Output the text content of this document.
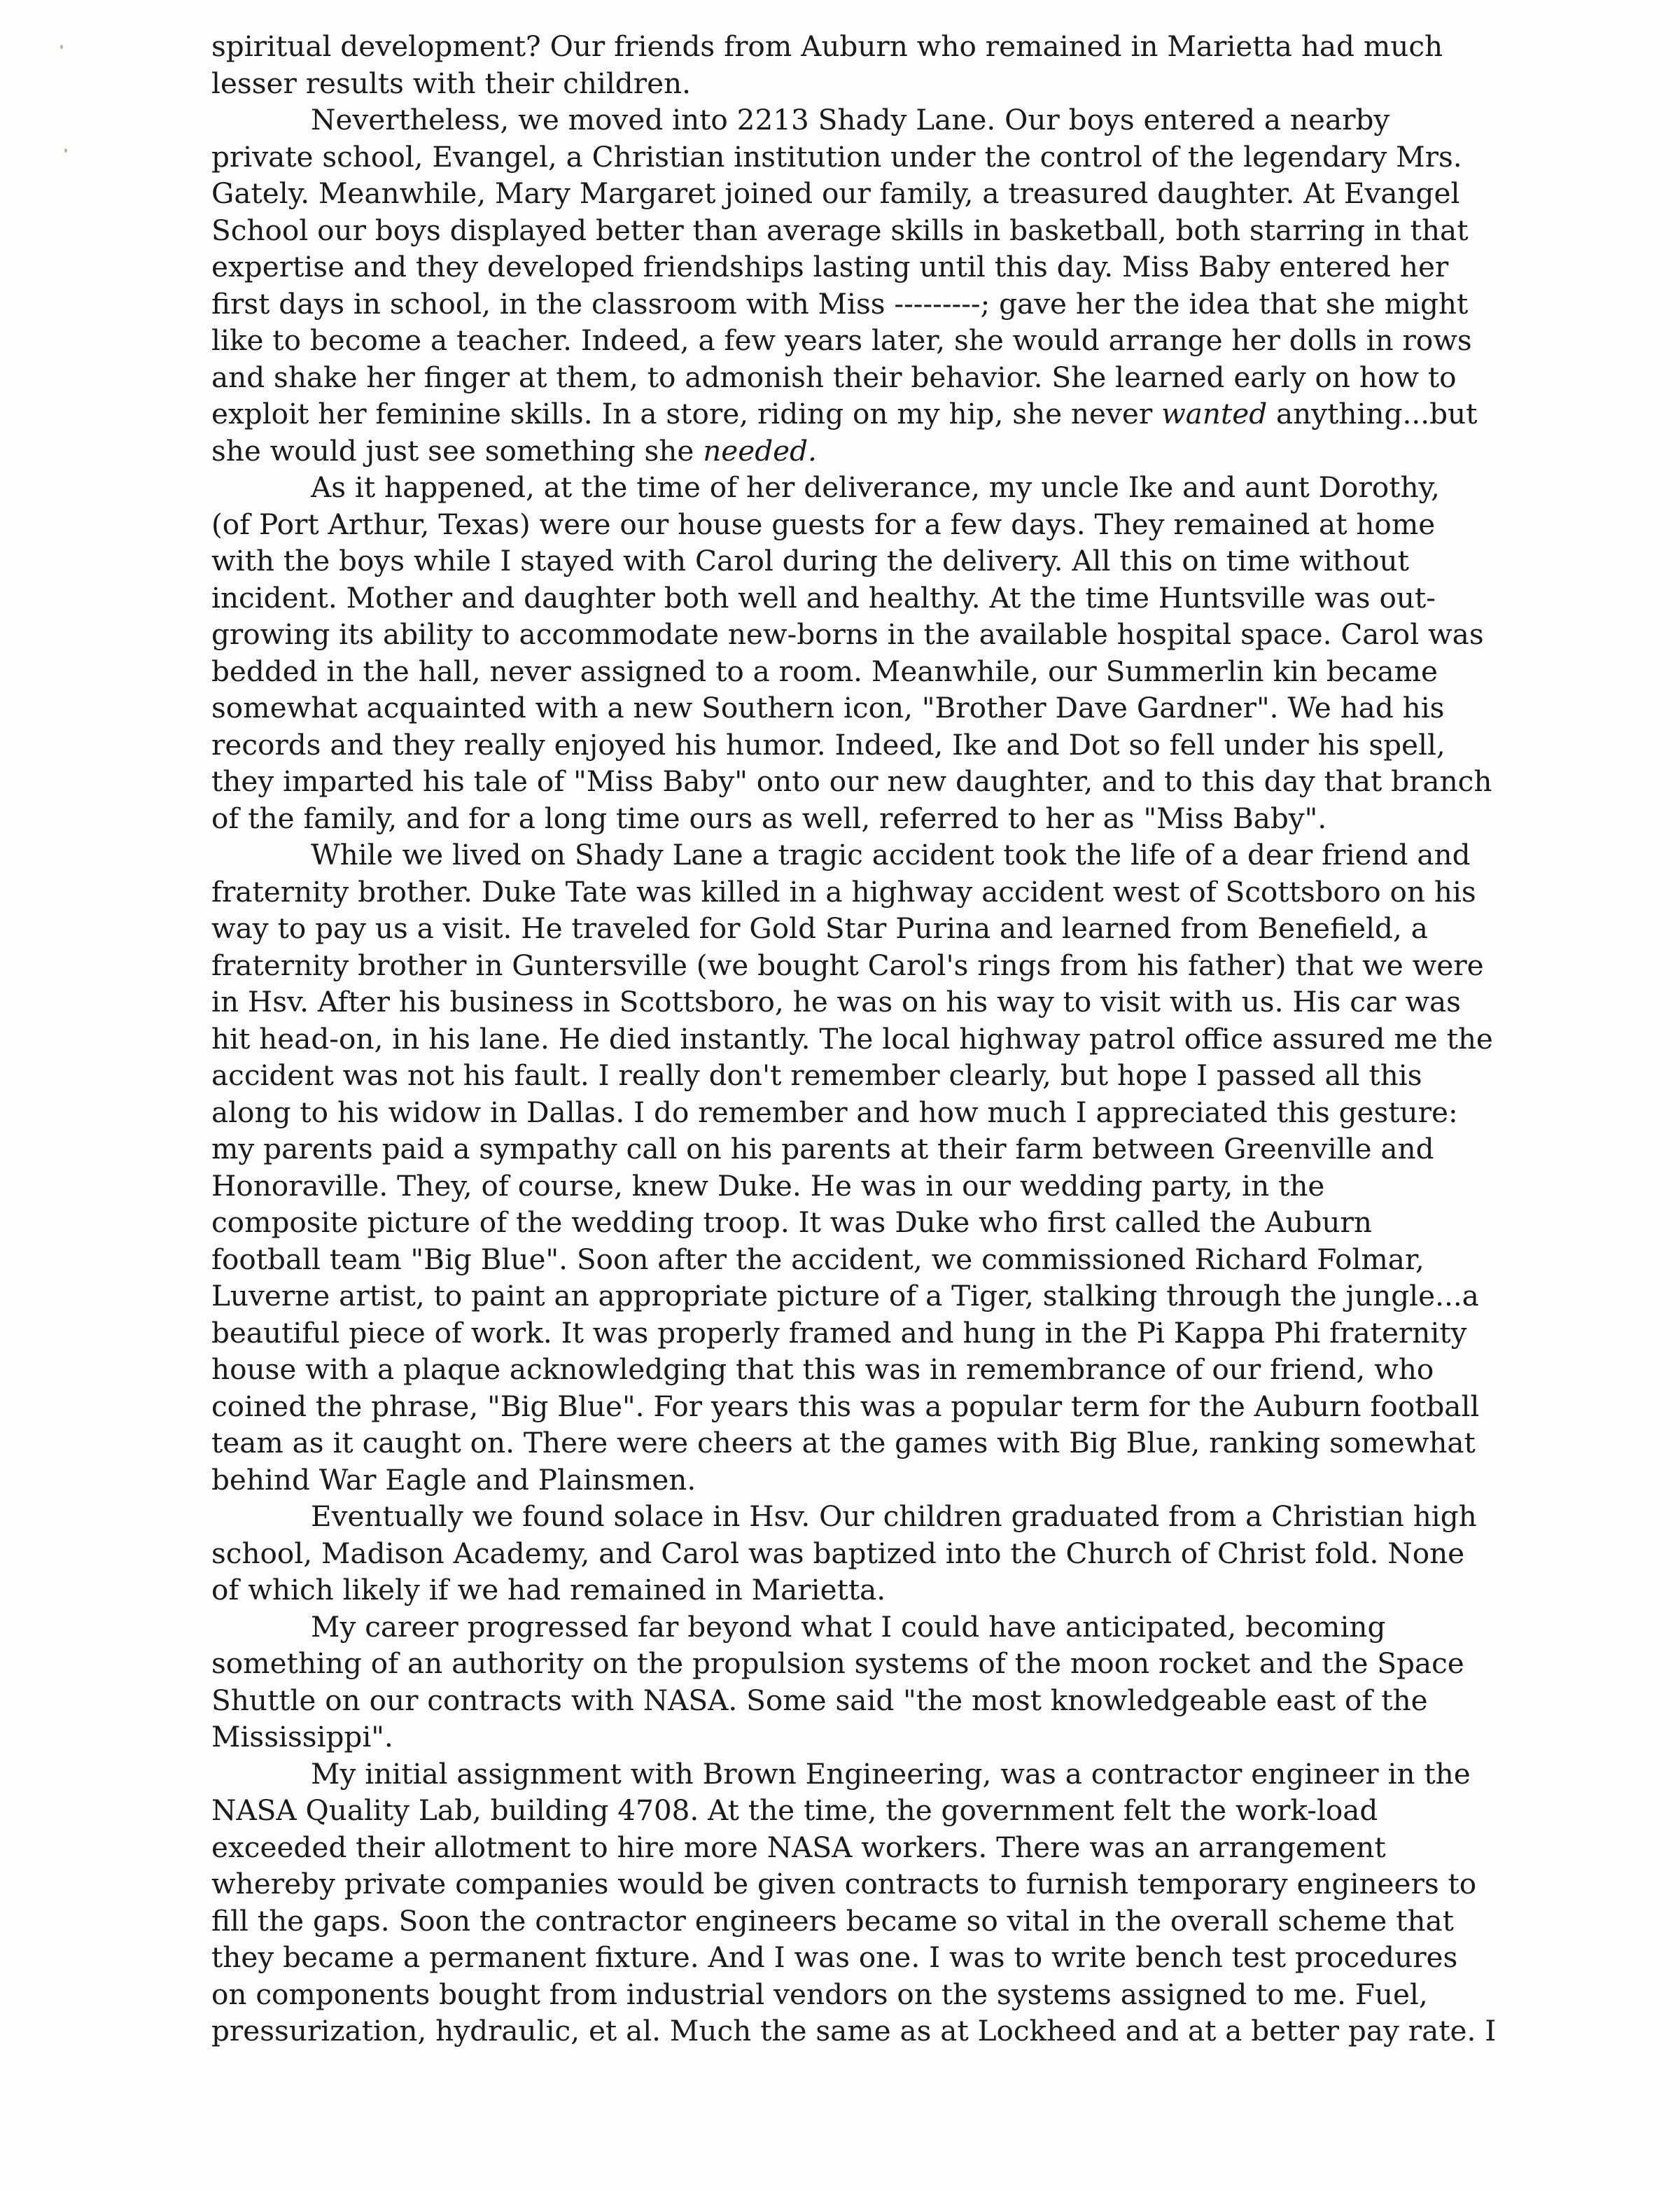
spiritual development? Our friends from Auburn who remained in Marietta had much
lesser results with their children.
Nevertheless, we moved into 2213 Shady Lane. Our boys entered a nearby
private school, Evangel, a Christian institution under the control of the legendary Mrs.
Gately. Meanwhile, Mary Margaret joined our family, a treasured daughter. At Evangel
School our boys displayed better than average skills in basketball, both starring in that
expertise and they developed friendships lasting until this day. Miss Baby entered her
first days in school, in the classroom with Miss ---------; gave her the idea that she might
like to become a teacher. Indeed, a few years later, she would arrange her dolls in rows
and shake her finger at them, to admonish their behavior. She learned early on how to
exploit her feminine skills. In a store, riding on my hip, she never wanted anything...but
she would just see something she needed.
As it happened, at the time of her deliverance, my uncle Ike and aunt Dorothy,
(of Port Arthur, Texas) were our house guests for a few days. They remained at home
with the boys while I stayed with Carol during the delivery. All this on time without
incident. Mother and daughter both well and healthy. At the time Huntsville was out-
growing its ability to accommodate new-borns in the available hospital space. Carol was
bedded in the hall, never assigned to a room. Meanwhile, our Summerlin kin became
somewhat acquainted with a new Southern icon, "Brother Dave Gardner". We had his
records and they really enjoyed his humor. Indeed, Ike and Dot so fell under his spell,
they imparted his tale of "Miss Baby" onto our new daughter, and to this day that branch
of the family, and for a long time ours as well, referred to her as "Miss Baby".
While we lived on Shady Lane a tragic accident took the life of a dear friend and
fraternity brother. Duke Tate was killed in a highway accident west of Scottsboro on his
way to pay us a visit. He traveled for Gold Star Purina and learned from Benefield, a
fraternity brother in Guntersville (we bought Carol's rings from his father) that we were
in Hsv. After his business in Scottsboro, he was on his way to visit with us. His car was
hit head-on, in his lane. He died instantly. The local highway patrol office assured me the
accident was not his fault. I really don't remember clearly, but hope I passed all this
along to his widow in Dallas. I do remember and how much I appreciated this gesture:
my parents paid a sympathy call on his parents at their farm between Greenville and
Honoraville. They, of course, knew Duke. He was in our wedding party, in the
composite picture of the wedding troop. It was Duke who first called the Auburn
football team "Big Blue". Soon after the accident, we commissioned Richard Folmar,
Luverne artist, to paint an appropriate picture of a Tiger, stalking through the jungle...a
beautiful piece of work. It was properly framed and hung in the Pi Kappa Phi fraternity
house with a plaque acknowledging that this was in remembrance of our friend, who
coined the phrase, "Big Blue". For years this was a popular term for the Auburn football
team as it caught on. There were cheers at the games with Big Blue, ranking somewhat
behind War Eagle and Plainsmen.
Eventually we found solace in Hsv. Our children graduated from a Christian high
school, Madison Academy, and Carol was baptized into the Church of Christ fold. None
of which likely if we had remained in Marietta.
My career progressed far beyond what I could have anticipated, becoming
something of an authority on the propulsion systems of the moon rocket and the Space
Shuttle on our contracts with NASA. Some said "the most knowledgeable east of the
Mississippi".
My initial assignment with Brown Engineering, was a contractor engineer in the
NASA Quality Lab, building 4708. At the time, the government felt the work-load
exceeded their allotment to hire more NASA workers. There was an arrangement
whereby private companies would be given contracts to furnish temporary engineers to
fill the gaps. Soon the contractor engineers became so vital in the overall scheme that
they became a permanent fixture. And I was one. I was to write bench test procedures
on components bought from industrial vendors on the systems assigned to me. Fuel,
pressurization, hydraulic, et al. Much the same as at Lockheed and at a better pay rate. I
